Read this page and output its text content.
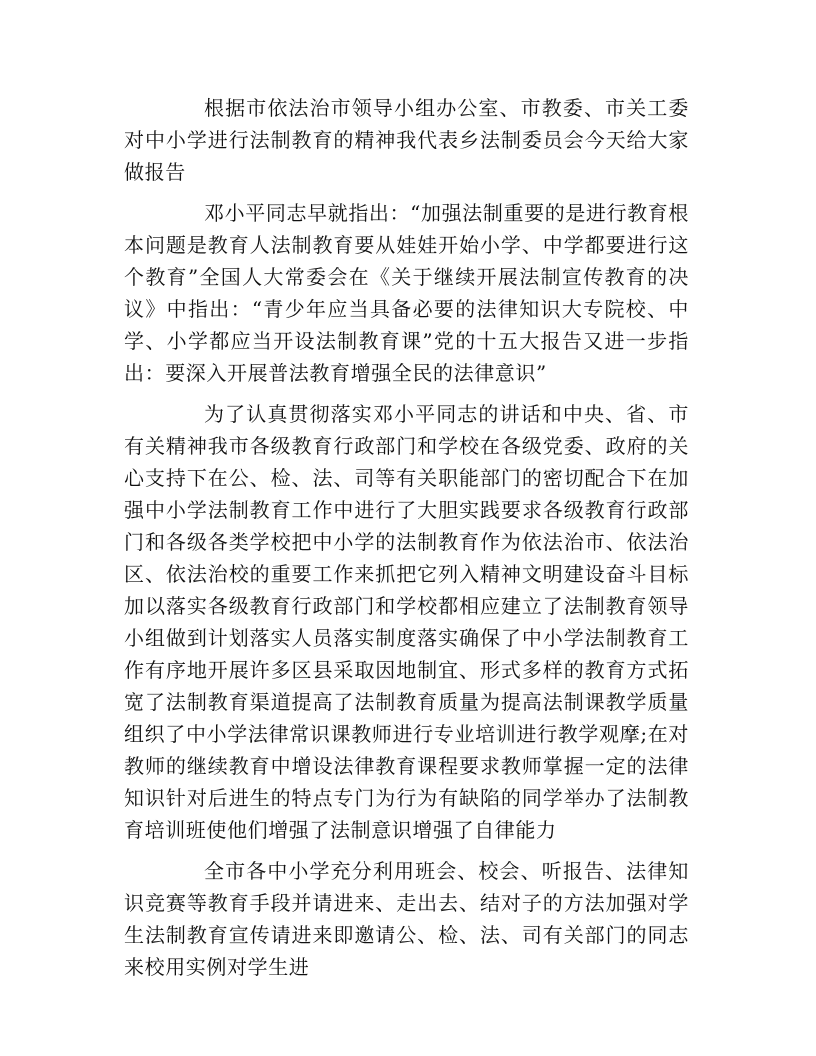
根据市依法治市领导小组办公室、市教委、市关工委对中小学进行法制教育的精神我代表乡法制委员会今天给大家做报告

邓小平同志早就指出：“加强法制重要的是进行教育根本问题是教育人法制教育要从娃娃开始小学、中学都要进行这个教育”全国人大常委会在《关于继续开展法制宣传教育的决议》中指出：“青少年应当具备必要的法律知识大专院校、中学、小学都应当开设法制教育课”党的十五大报告又进一步指出：要深入开展普法教育增强全民的法律意识”

为了认真贯彻落实邓小平同志的讲话和中央、省、市有关精神我市各级教育行政部门和学校在各级党委、政府的关心支持下在公、检、法、司等有关职能部门的密切配合下在加强中小学法制教育工作中进行了大胆实践要求各级教育行政部门和各级各类学校把中小学的法制教育作为依法治市、依法治区、依法治校的重要工作来抓把它列入精神文明建设奋斗目标加以落实各级教育行政部门和学校都相应建立了法制教育领导小组做到计划落实人员落实制度落实确保了中小学法制教育工作有序地开展许多区县采取因地制宜、形式多样的教育方式拓宽了法制教育渠道提高了法制教育质量为提高法制课教学质量组织了中小学法律常识课教师进行专业培训进行教学观摩;在对教师的继续教育中增设法律教育课程要求教师掌握一定的法律知识针对后进生的特点专门为行为有缺陷的同学举办了法制教育培训班使他们增强了法制意识增强了自律能力

全市各中小学充分利用班会、校会、听报告、法律知识竞赛等教育手段并请进来、走出去、结对子的方法加强对学生法制教育宣传请进来即邀请公、检、法、司有关部门的同志来校用实例对学生进
